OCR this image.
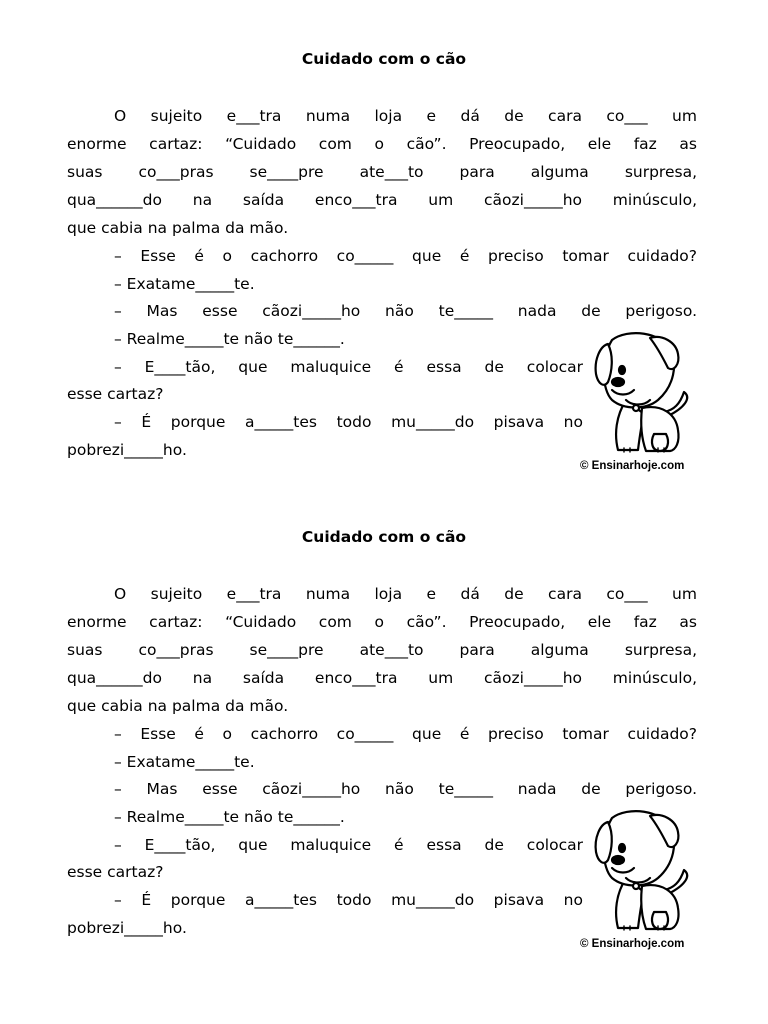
Cuidado com o cão
O sujeito e___tra numa loja e dá de cara co___ um
enorme cartaz: “Cuidado com o cão”. Preocupado, ele faz as
suas co___pras se____pre ate___to para alguma surpresa,
qua______do na saída enco___tra um cãozi_____ho minúsculo,
que cabia na palma da mão.
– Esse é o cachorro co_____ que é preciso tomar cuidado?
– Exatame_____te.
– Mas esse cãozi_____ho não te_____ nada de perigoso.
– Realme_____te não te______.
– E____tão, que maluquice é essa de colocar
esse cartaz?
– É porque a_____tes todo mu_____do pisava no
pobrezi_____ho.
© Ensinarhoje.com
Cuidado com o cão
O sujeito e___tra numa loja e dá de cara co___ um
enorme cartaz: “Cuidado com o cão”. Preocupado, ele faz as
suas co___pras se____pre ate___to para alguma surpresa,
qua______do na saída enco___tra um cãozi_____ho minúsculo,
que cabia na palma da mão.
– Esse é o cachorro co_____ que é preciso tomar cuidado?
– Exatame_____te.
– Mas esse cãozi_____ho não te_____ nada de perigoso.
– Realme_____te não te______.
– E____tão, que maluquice é essa de colocar
esse cartaz?
– É porque a_____tes todo mu_____do pisava no
pobrezi_____ho.
© Ensinarhoje.com
